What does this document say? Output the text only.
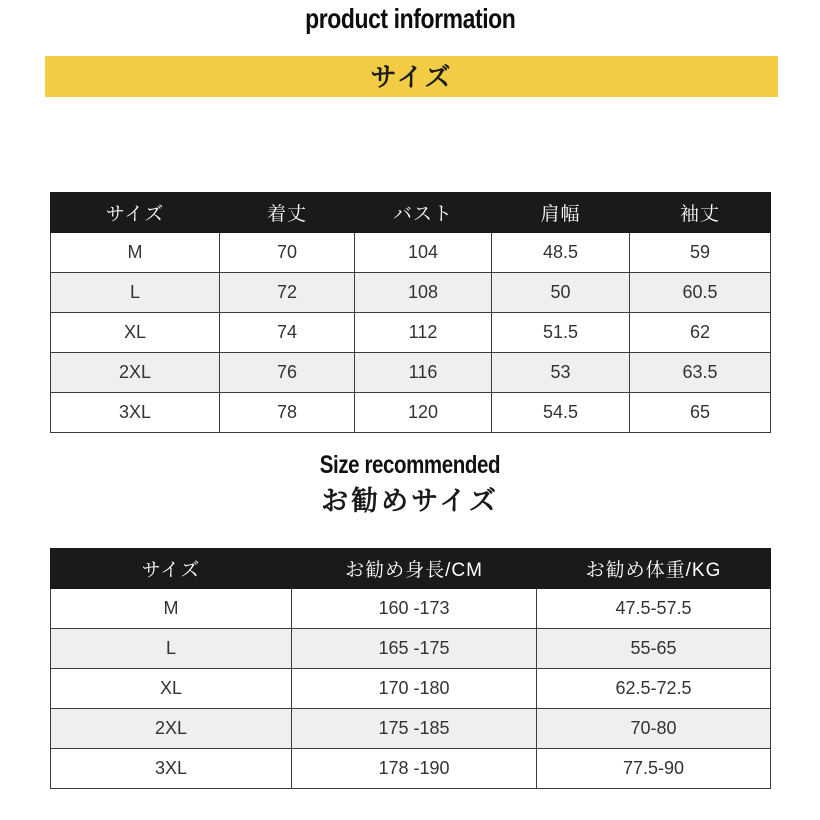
product information
サイズ
サイズ	着丈	バスト	肩幅	袖丈
M	70	104	48.5	59
L	72	108	50	60.5
XL	74	112	51.5	62
2XL	76	116	53	63.5
3XL	78	120	54.5	65
Size recommended
お勧めサイズ
サイズ	お勧め身長/CM	お勧め体重/KG
M	160 -173	47.5-57.5
L	165 -175	55-65
XL	170 -180	62.5-72.5
2XL	175 -185	70-80
3XL	178 -190	77.5-90
